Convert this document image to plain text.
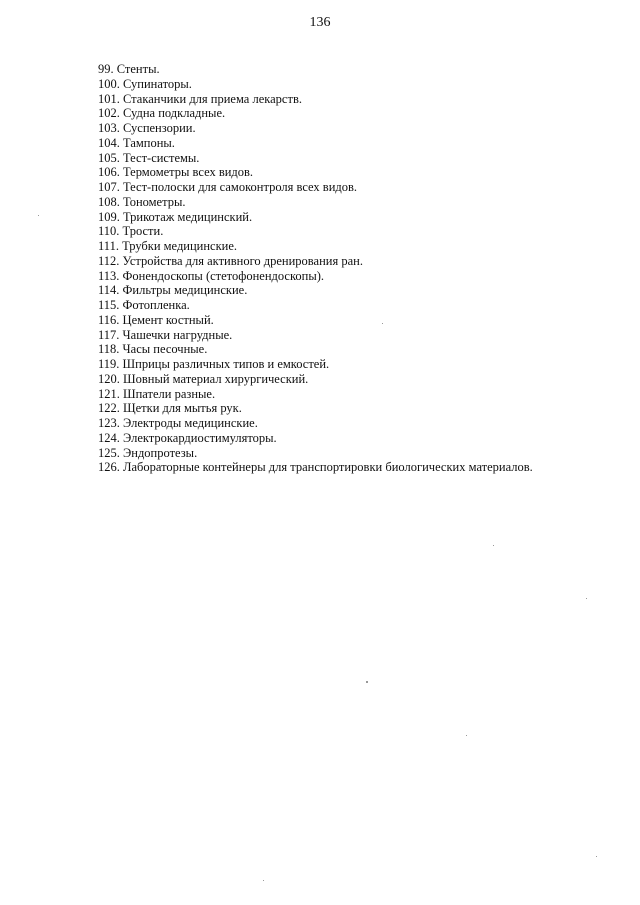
136
99. Стенты.
100. Супинаторы.
101. Стаканчики для приема лекарств.
102. Судна подкладные.
103. Суспензории.
104. Тампоны.
105. Тест-системы.
106. Термометры всех видов.
107. Тест-полоски для самоконтроля всех видов.
108. Тонометры.
109. Трикотаж медицинский.
110. Трости.
111. Трубки медицинские.
112. Устройства для активного дренирования ран.
113. Фонендоскопы (стетофонендоскопы).
114. Фильтры медицинские.
115. Фотопленка.
116. Цемент костный.
117. Чашечки нагрудные.
118. Часы песочные.
119. Шприцы различных типов и емкостей.
120. Шовный материал хирургический.
121. Шпатели разные.
122. Щетки для мытья рук.
123. Электроды медицинские.
124. Электрокардиостимуляторы.
125. Эндопротезы.
126. Лабораторные контейнеры для транспортировки биологических материалов.
